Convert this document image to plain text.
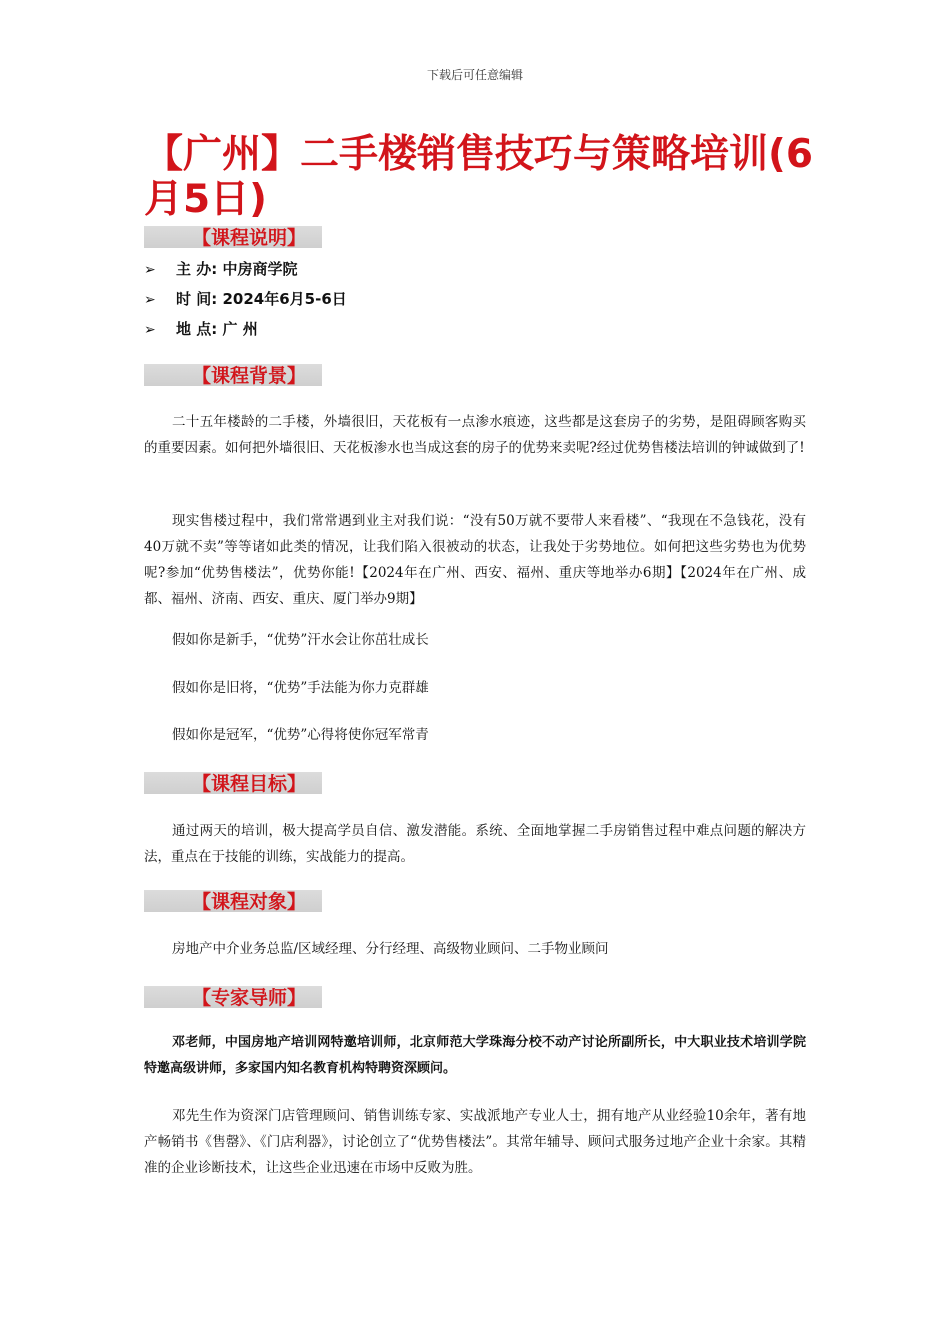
下载后可任意编辑
【广州】二手楼销售技巧与策略培训(6月5日)
【课程说明】
➢ 主 办: 中房商学院
➢ 时 间: 2024年6月5-6日
➢ 地 点: 广 州
【课程背景】

二十五年楼龄的二手楼，外墙很旧，天花板有一点渗水痕迹，这些都是这套房子的劣势，是阻碍顾客购买的重要因素。如何把外墙很旧、天花板渗水也当成这套的房子的优势来卖呢?经过优势售楼法培训的钟诚做到了!

现实售楼过程中，我们常常遇到业主对我们说：“没有50万就不要带人来看楼”、“我现在不急钱花，没有40万就不卖”等等诸如此类的情况，让我们陷入很被动的状态，让我处于劣势地位。如何把这些劣势也为优势呢?参加“优势售楼法”，优势你能!【2024年在广州、西安、福州、重庆等地举办6期】【2024年在广州、成都、福州、济南、西安、重庆、厦门举办9期】

假如你是新手，“优势”汗水会让你茁壮成长

假如你是旧将，“优势”手法能为你力克群雄

假如你是冠军，“优势”心得将使你冠军常青

【课程目标】

通过两天的培训，极大提高学员自信、激发潜能。系统、全面地掌握二手房销售过程中难点问题的解决方法，重点在于技能的训练，实战能力的提高。

【课程对象】

房地产中介业务总监/区域经理、分行经理、高级物业顾问、二手物业顾问

【专家导师】

邓老师，中国房地产培训网特邀培训师，北京师范大学珠海分校不动产讨论所副所长，中大职业技术培训学院特邀高级讲师，多家国内知名教育机构特聘资深顾问。

邓先生作为资深门店管理顾问、销售训练专家、实战派地产专业人士，拥有地产从业经验10余年，著有地产畅销书《售罄》、《门店利器》，讨论创立了“优势售楼法”。其常年辅导、顾问式服务过地产企业十余家。其精准的企业诊断技术，让这些企业迅速在市场中反败为胜。
